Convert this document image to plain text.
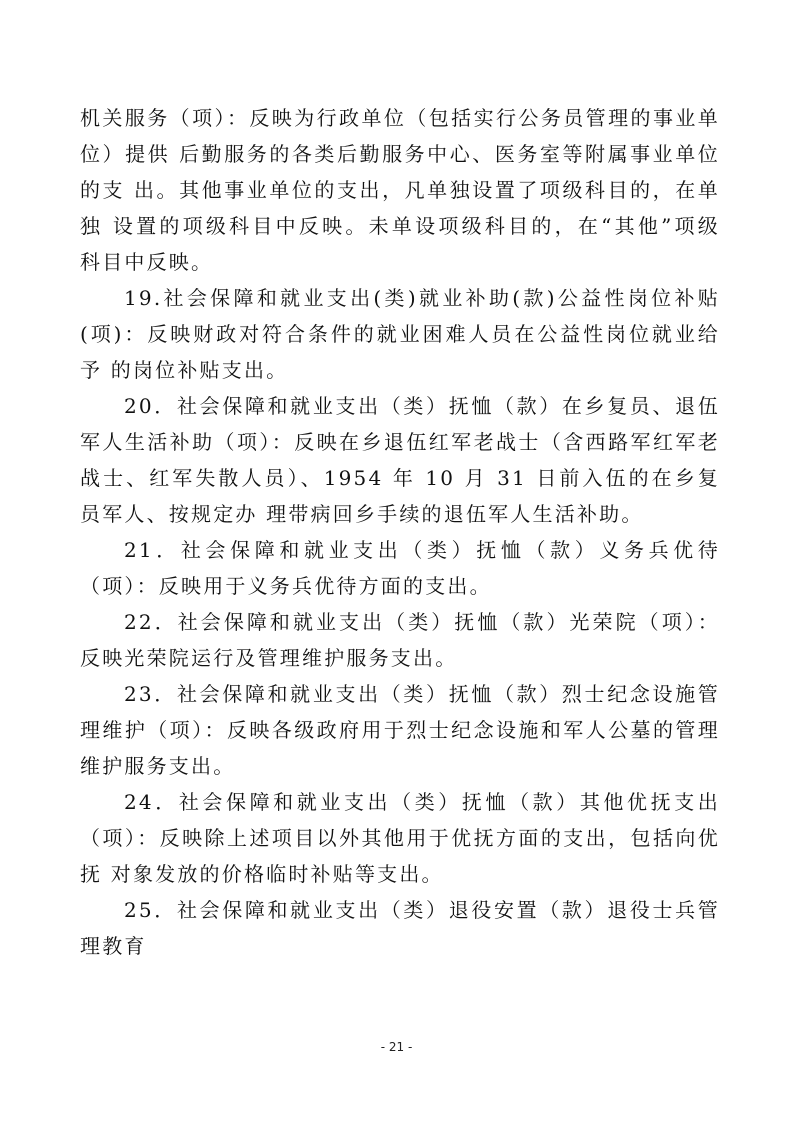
机关服务（项）：反映为行政单位（包括实行公务员管理的事业单位）提供 后勤服务的各类后勤服务中心、医务室等附属事业单位的支 出。其他事业单位的支出，凡单独设置了项级科目的，在单独 设置的项级科目中反映。未单设项级科目的，在“其他”项级 科目中反映。

19.社会保障和就业支出(类)就业补助(款)公益性岗位补贴(项)：反映财政对符合条件的就业困难人员在公益性岗位就业给予 的岗位补贴支出。

20．社会保障和就业支出（类）抚恤（款）在乡复员、退伍军人生活补助（项）：反映在乡退伍红军老战士（含西路军红军老战士、红军失散人员）、1954 年 10 月 31 日前入伍的在乡复员军人、按规定办 理带病回乡手续的退伍军人生活补助。

21．社会保障和就业支出（类）抚恤（款）义务兵优待（项）：反映用于义务兵优待方面的支出。

22．社会保障和就业支出（类）抚恤（款）光荣院（项）：反映光荣院运行及管理维护服务支出。

23．社会保障和就业支出（类）抚恤（款）烈士纪念设施管理维护（项）：反映各级政府用于烈士纪念设施和军人公墓的管理维护服务支出。

24．社会保障和就业支出（类）抚恤（款）其他优抚支出（项）：反映除上述项目以外其他用于优抚方面的支出，包括向优抚 对象发放的价格临时补贴等支出。

25．社会保障和就业支出（类）退役安置（款）退役士兵管理教育

- 21 -
